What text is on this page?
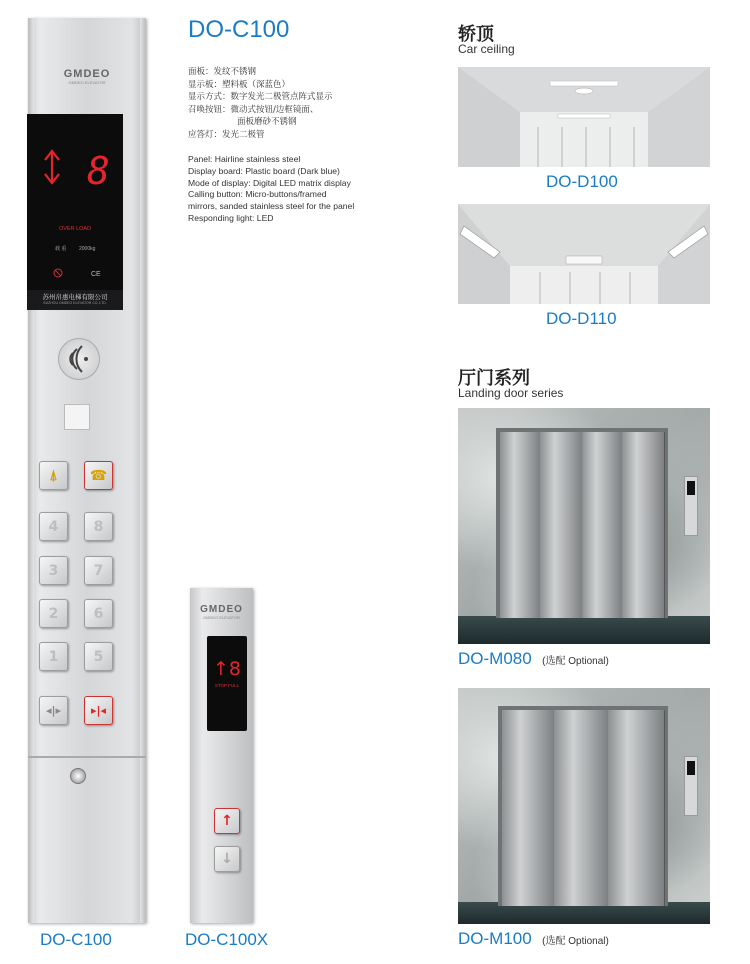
GMDEO
GMDEO ELEVATOR
8
OVER LOAD
载 重	2000kg
CE
苏州帛惠电梯有限公司
SUZHOU GMDEO ELEVATOR CO.,LTD.
⍋ ☎
4	8
3	7
2	6
1	5
◂|▸	▸|◂
DO-C100
GMDEO
GMDEO ELEVATOR
↑8
STOP FULL
↑
↓
DO-C100X
DO-C100
面板：发纹不锈钢
显示板：塑料板（深蓝色）
显示方式：数字发光二极管点阵式显示
召唤按钮：微动式按钮/边框镜面、
面板磨砂不锈钢
应答灯：发光二极管
Panel: Hairline stainless steel
Display board: Plastic board (Dark blue)
Mode of display: Digital LED matrix display
Calling button: Micro-buttons/framed
mirrors, sanded stainless steel for the panel
Responding light: LED
轿顶
Car ceiling
DO-D100
DO-D110
厅门系列
Landing door series
DO-M080 (选配 Optional)
DO-M100 (选配 Optional)
